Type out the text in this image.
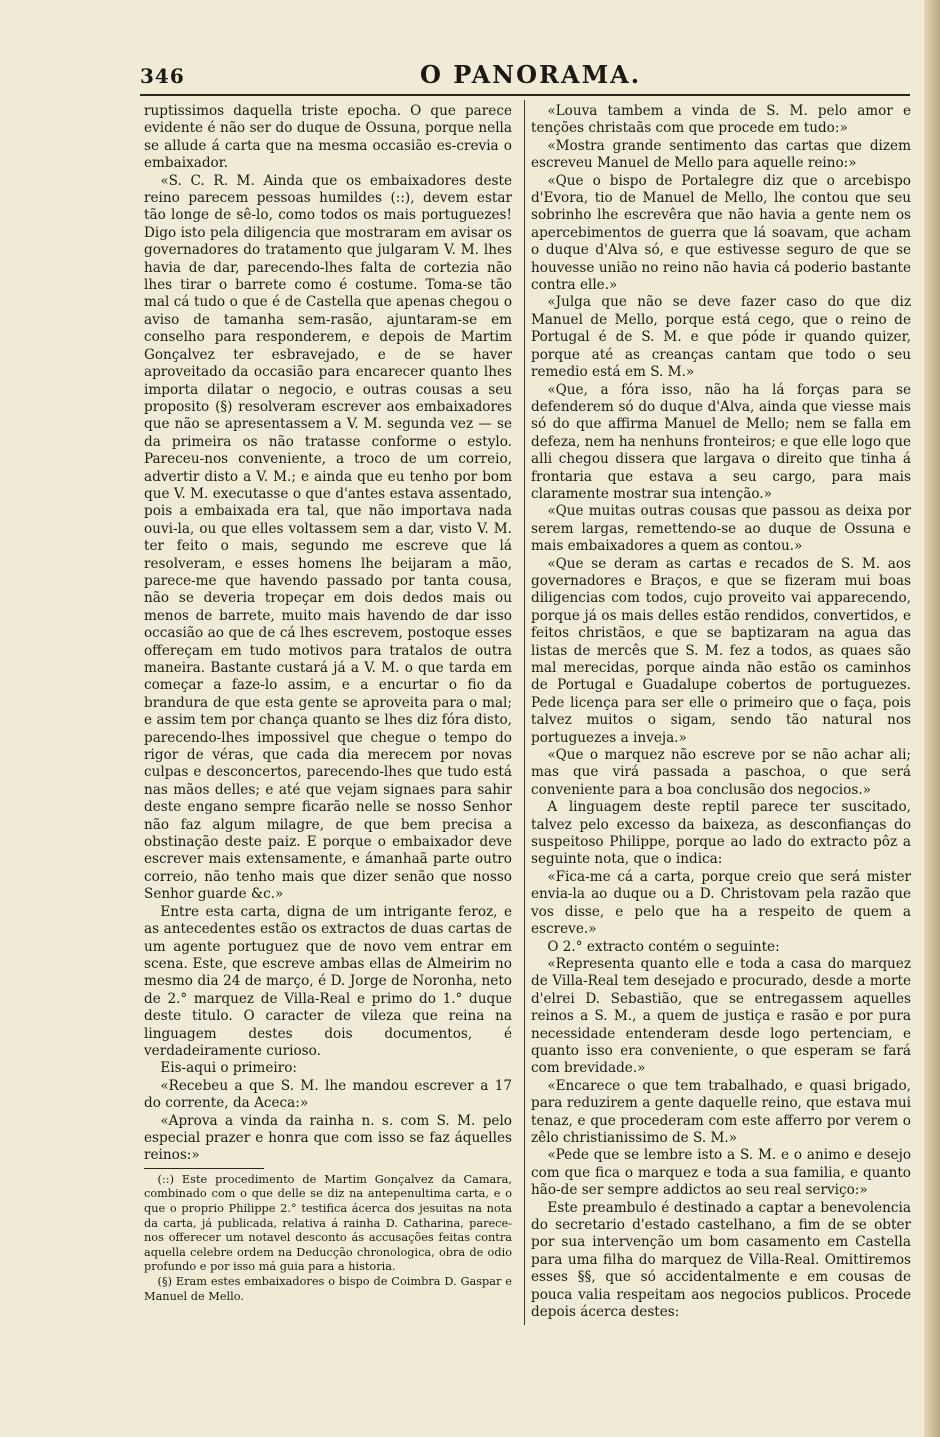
346	O PANORAMA.

ruptissimos daquella triste epocha. O que parece evidente é não ser do duque de Ossuna, porque nella se allude á carta que na mesma occasião es-crevia o embaixador.

«S. C. R. M. Ainda que os embaixadores deste reino parecem pessoas humildes (::), devem estar tão longe de sê-lo, como todos os mais portuguezes! Digo isto pela diligencia que mostraram em avisar os governadores do tratamento que julgaram V. M. lhes havia de dar, parecendo-lhes falta de cortezia não lhes tirar o barrete como é costume. Toma-se tão mal cá tudo o que é de Castella que apenas chegou o aviso de tamanha sem-rasão, ajuntaram-se em conselho para responderem, e depois de Martim Gonçalvez ter esbravejado, e de se haver aproveitado da occasião para encarecer quanto lhes importa dilatar o negocio, e outras cousas a seu proposito (§) resolveram escrever aos embaixadores que não se apresentassem a V. M. segunda vez — se da primeira os não tratasse conforme o estylo. Pareceu-nos conveniente, a troco de um correio, advertir disto a V. M.; e ainda que eu tenho por bom que V. M. executasse o que d'antes estava assentado, pois a embaixada era tal, que não importava nada ouvi-la, ou que elles voltassem sem a dar, visto V. M. ter feito o mais, segundo me escreve que lá resolveram, e esses homens lhe beijaram a mão, parece-me que havendo passado por tanta cousa, não se deveria tropeçar em dois dedos mais ou menos de barrete, muito mais havendo de dar isso occasião ao que de cá lhes escrevem, postoque esses offereçam em tudo motivos para tratalos de outra maneira. Bastante custará já a V. M. o que tarda em começar a faze-lo assim, e a encurtar o fio da brandura de que esta gente se aproveita para o mal; e assim tem por chança quanto se lhes diz fóra disto, parecendo-lhes impossivel que chegue o tempo do rigor de véras, que cada dia merecem por novas culpas e desconcertos, parecendo-lhes que tudo está nas mãos delles; e até que vejam signaes para sahir deste engano sempre ficarão nelle se nosso Senhor não faz algum milagre, de que bem precisa a obstinação deste paiz. E porque o embaixador deve escrever mais extensamente, e ámanhaã parte outro correio, não tenho mais que dizer senão que nosso Senhor guarde &c.»

Entre esta carta, digna de um intrigante feroz, e as antecedentes estão os extractos de duas cartas de um agente portuguez que de novo vem entrar em scena. Este, que escreve ambas ellas de Almeirim no mesmo dia 24 de março, é D. Jorge de Noronha, neto de 2.° marquez de Villa-Real e primo do 1.° duque deste titulo. O caracter de vileza que reina na linguagem destes dois documentos, é verdadeiramente curioso.

Eis-aqui o primeiro:

«Recebeu a que S. M. lhe mandou escrever a 17 do corrente, da Aceca:»

«Aprova a vinda da rainha n. s. com S. M. pelo especial prazer e honra que com isso se faz áquelles reinos:»

(::) Este procedimento de Martim Gonçalvez da Camara, combinado com o que delle se diz na antepenultima carta, e o que o proprio Philippe 2.° testifica ácerca dos jesuitas na nota da carta, já publicada, relativa á rainha D. Catharina, parece-nos offerecer um notavel desconto ás accusações feitas contra aquella celebre ordem na Deducção chronologica, obra de odio profundo e por isso má guia para a historia.

(§) Eram estes embaixadores o bispo de Coimbra D. Gaspar e Manuel de Mello.

«Louva tambem a vinda de S. M. pelo amor e tenções christaãs com que procede em tudo:»

«Mostra grande sentimento das cartas que dizem escreveu Manuel de Mello para aquelle reino:»

«Que o bispo de Portalegre diz que o arcebispo d'Evora, tio de Manuel de Mello, lhe contou que seu sobrinho lhe escrevêra que não havia a gente nem os apercebimentos de guerra que lá soavam, que acham o duque d'Alva só, e que estivesse seguro de que se houvesse união no reino não havia cá poderio bastante contra elle.»

«Julga que não se deve fazer caso do que diz Manuel de Mello, porque está cego, que o reino de Portugal é de S. M. e que póde ir quando quizer, porque até as creanças cantam que todo o seu remedio está em S. M.»

«Que, a fóra isso, não ha lá forças para se defenderem só do duque d'Alva, ainda que viesse mais só do que affirma Manuel de Mello; nem se falla em defeza, nem ha nenhuns fronteiros; e que elle logo que alli chegou dissera que largava o direito que tinha á frontaria que estava a seu cargo, para mais claramente mostrar sua intenção.»

«Que muitas outras cousas que passou as deixa por serem largas, remettendo-se ao duque de Ossuna e mais embaixadores a quem as contou.»

«Que se deram as cartas e recados de S. M. aos governadores e Braços, e que se fizeram mui boas diligencias com todos, cujo proveito vai apparecendo, porque já os mais delles estão rendidos, convertidos, e feitos christãos, e que se baptizaram na agua das listas de mercês que S. M. fez a todos, as quaes são mal merecidas, porque ainda não estão os caminhos de Portugal e Guadalupe cobertos de portuguezes. Pede licença para ser elle o primeiro que o faça, pois talvez muitos o sigam, sendo tão natural nos portuguezes a inveja.»

«Que o marquez não escreve por se não achar ali; mas que virá passada a paschoa, o que será conveniente para a boa conclusão dos negocios.»

A linguagem deste reptil parece ter suscitado, talvez pelo excesso da baixeza, as desconfianças do suspeitoso Philippe, porque ao lado do extracto pôz a seguinte nota, que o indica:

«Fica-me cá a carta, porque creio que será mister envia-la ao duque ou a D. Christovam pela razão que vos disse, e pelo que ha a respeito de quem a escreve.»

O 2.° extracto contém o seguinte:

«Representa quanto elle e toda a casa do marquez de Villa-Real tem desejado e procurado, desde a morte d'elrei D. Sebastião, que se entregassem aquelles reinos a S. M., a quem de justiça e rasão e por pura necessidade entenderam desde logo pertenciam, e quanto isso era conveniente, o que esperam se fará com brevidade.»

«Encarece o que tem trabalhado, e quasi brigado, para reduzirem a gente daquelle reino, que estava mui tenaz, e que procederam com este afferro por verem o zêlo christianissimo de S. M.»

«Pede que se lembre isto a S. M. e o animo e desejo com que fica o marquez e toda a sua familia, e quanto hão-de ser sempre addictos ao seu real serviço:»

Este preambulo é destinado a captar a benevolencia do secretario d'estado castelhano, a fim de se obter por sua intervenção um bom casamento em Castella para uma filha do marquez de Villa-Real. Omittiremos esses §§, que só accidentalmente e em cousas de pouca valia respeitam aos negocios publicos. Procede depois ácerca destes:
